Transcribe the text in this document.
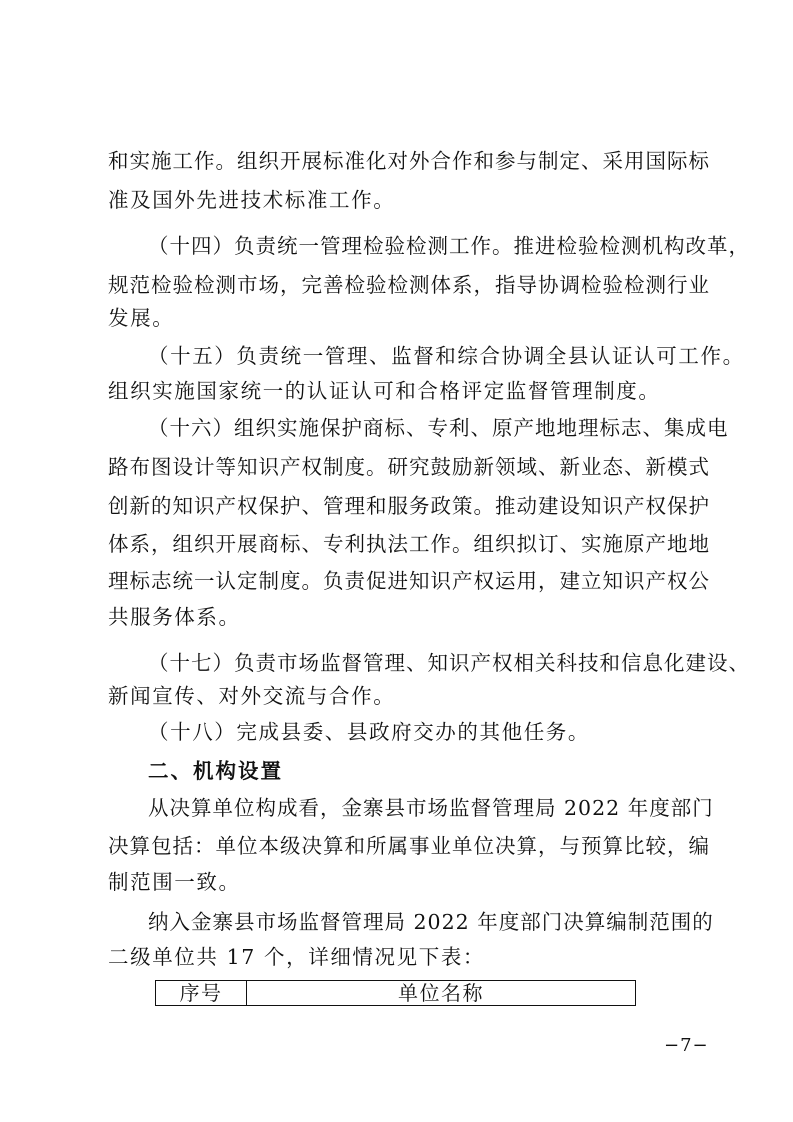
和实施工作。组织开展标准化对外合作和参与制定、采用国际标
准及国外先进技术标准工作。
（十四）负责统一管理检验检测工作。推进检验检测机构改革，
规范检验检测市场，完善检验检测体系，指导协调检验检测行业
发展。
（十五）负责统一管理、监督和综合协调全县认证认可工作。
组织实施国家统一的认证认可和合格评定监督管理制度。
（十六）组织实施保护商标、专利、原产地地理标志、集成电
路布图设计等知识产权制度。研究鼓励新领域、新业态、新模式
创新的知识产权保护、管理和服务政策。推动建设知识产权保护
体系，组织开展商标、专利执法工作。组织拟订、实施原产地地
理标志统一认定制度。负责促进知识产权运用，建立知识产权公
共服务体系。
（十七）负责市场监督管理、知识产权相关科技和信息化建设、
新闻宣传、对外交流与合作。
（十八）完成县委、县政府交办的其他任务。
二、机构设置
从决算单位构成看，金寨县市场监督管理局 2022 年度部门
决算包括：单位本级决算和所属事业单位决算，与预算比较，编
制范围一致。
纳入金寨县市场监督管理局 2022 年度部门决算编制范围的
二级单位共 17 个，详细情况见下表：
序号	单位名称
−7−
